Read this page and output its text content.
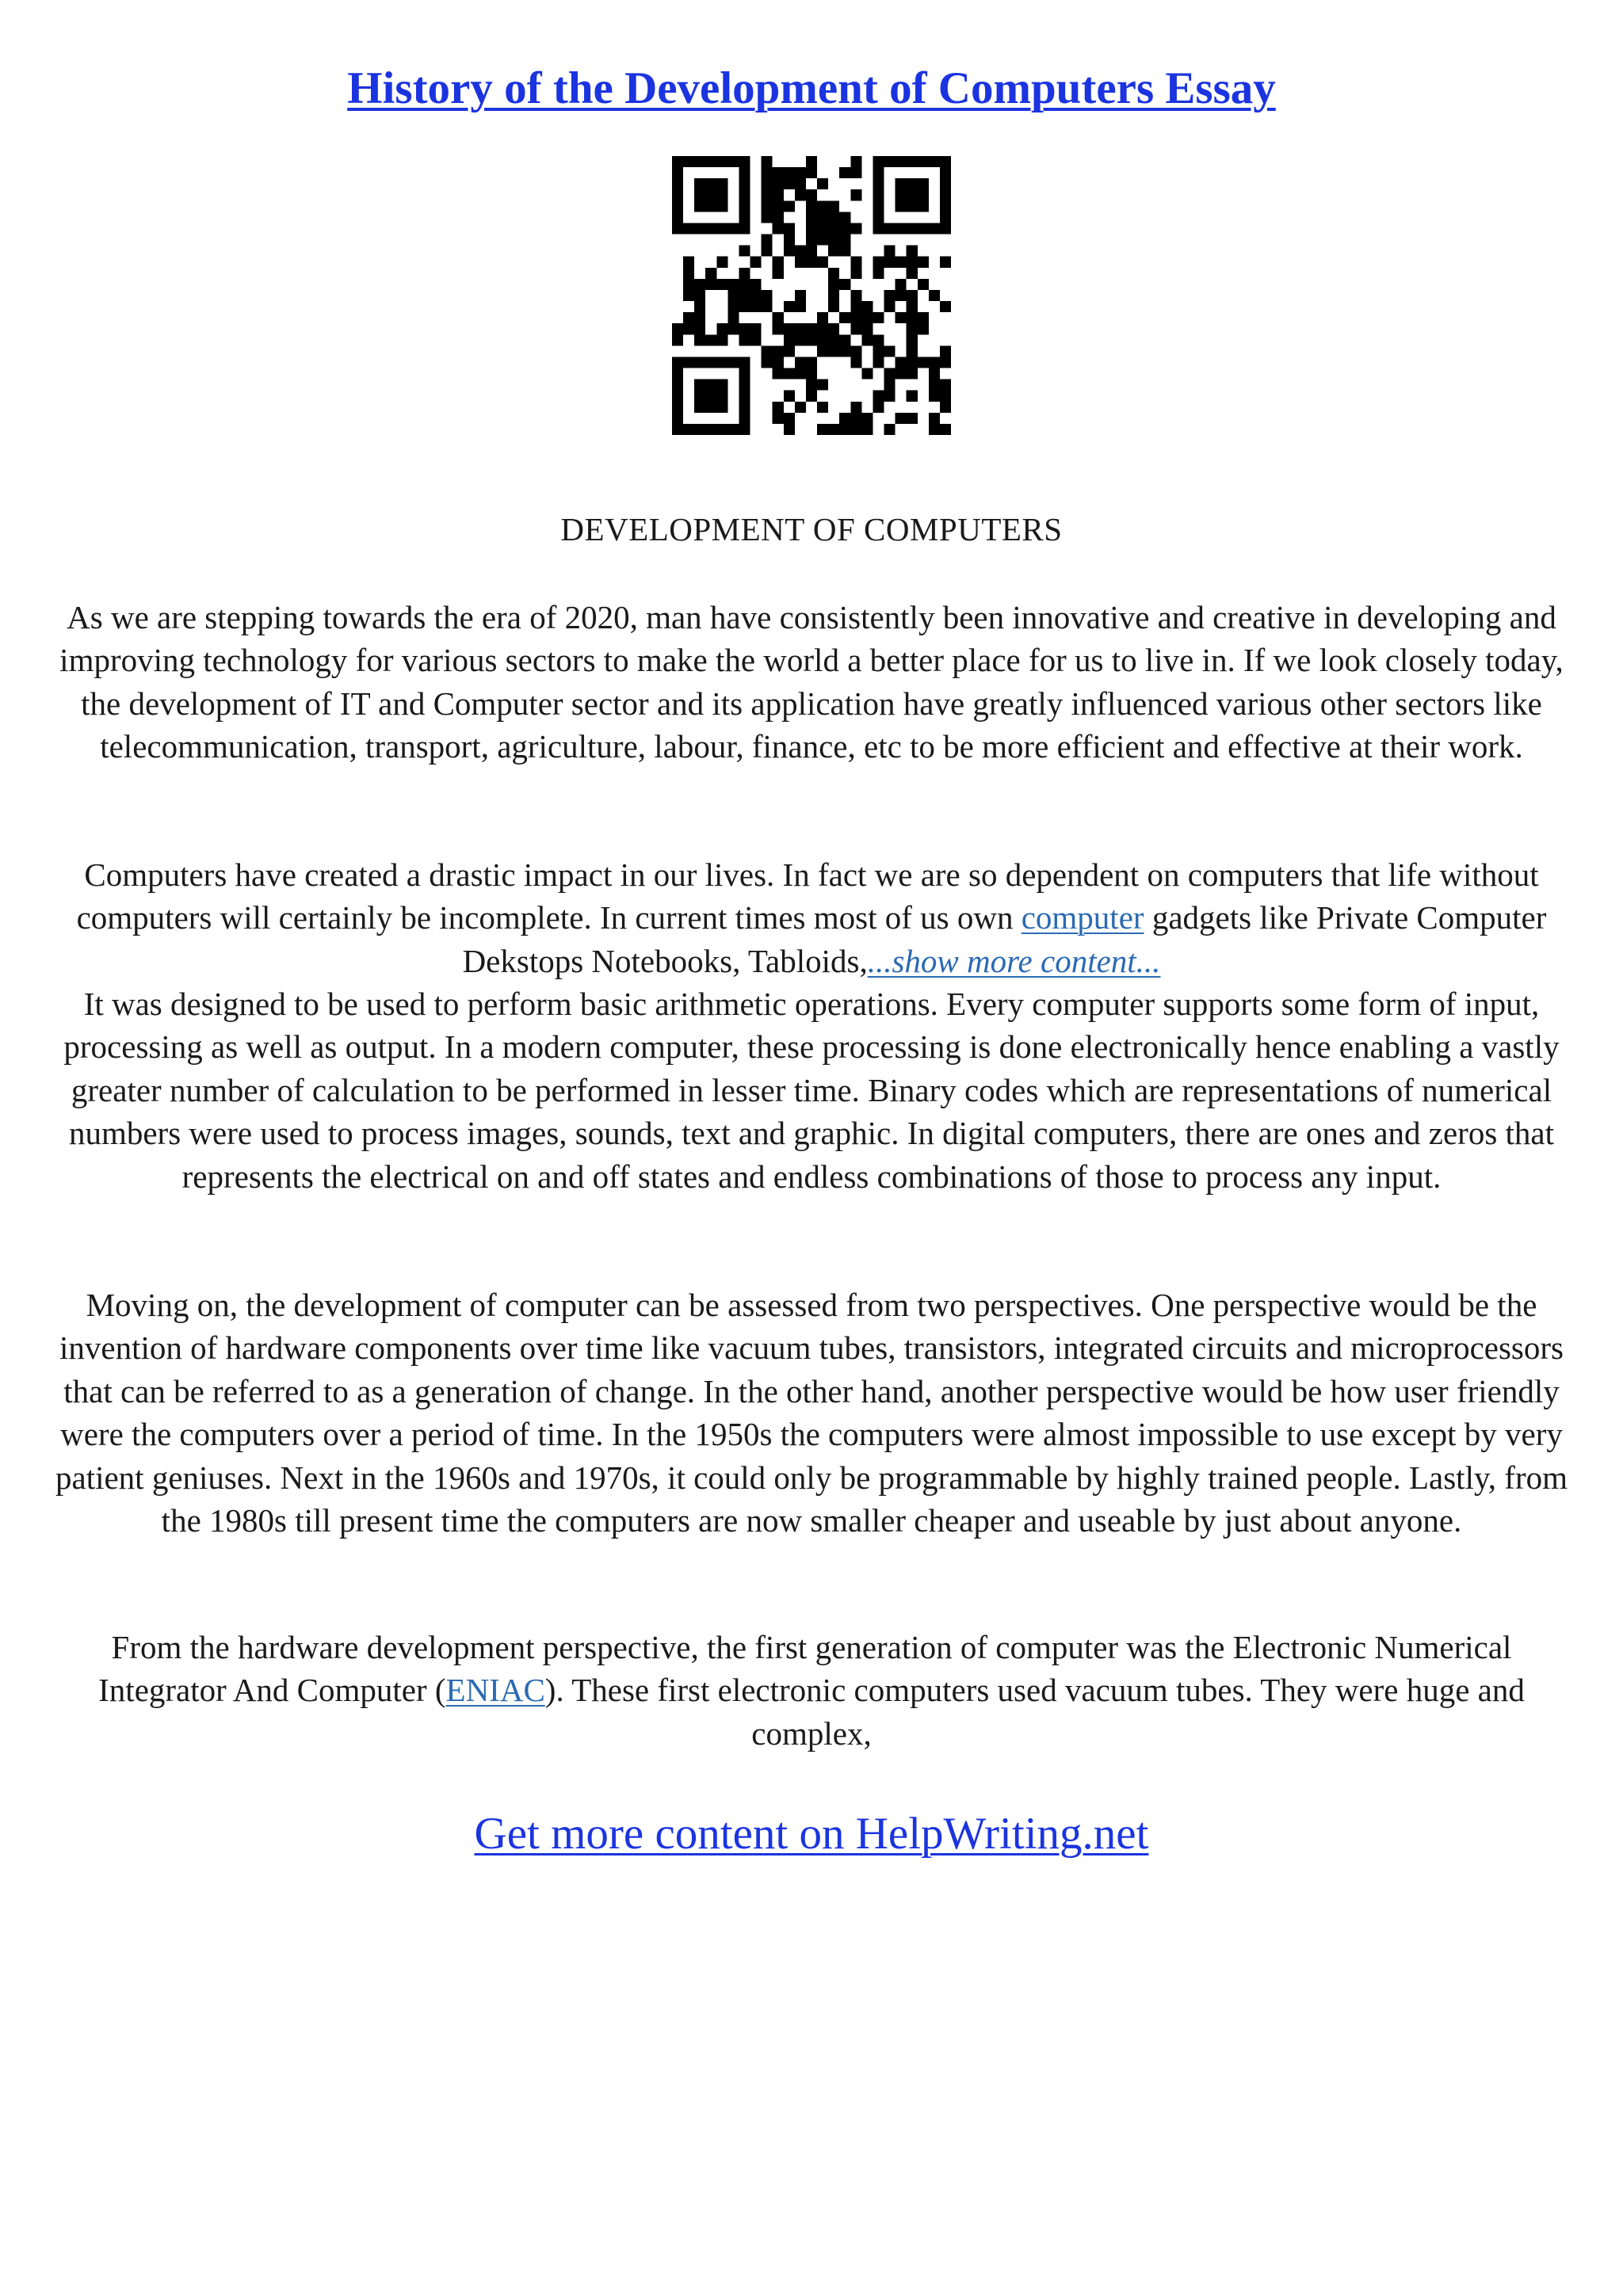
History of the Development of Computers Essay
DEVELOPMENT OF COMPUTERS

As we are stepping towards the era of 2020, man have consistently been innovative and creative in developing and improving technology for various sectors to make the world a better place for us to live in. If we look closely today, the development of IT and Computer sector and its application have greatly influenced various other sectors like telecommunication, transport, agriculture, labour, finance, etc to be more efficient and effective at their work.

Computers have created a drastic impact in our lives. In fact we are so dependent on computers that life without computers will certainly be incomplete. In current times most of us own computer gadgets like Private Computer Dekstops Notebooks, Tabloids,...show more content...

It was designed to be used to perform basic arithmetic operations. Every computer supports some form of input, processing as well as output. In a modern computer, these processing is done electronically hence enabling a vastly greater number of calculation to be performed in lesser time. Binary codes which are representations of numerical numbers were used to process images, sounds, text and graphic. In digital computers, there are ones and zeros that represents the electrical on and off states and endless combinations of those to process any input.

Moving on, the development of computer can be assessed from two perspectives. One perspective would be the invention of hardware components over time like vacuum tubes, transistors, integrated circuits and microprocessors that can be referred to as a generation of change. In the other hand, another perspective would be how user friendly were the computers over a period of time. In the 1950s the computers were almost impossible to use except by very patient geniuses. Next in the 1960s and 1970s, it could only be programmable by highly trained people. Lastly, from the 1980s till present time the computers are now smaller cheaper and useable by just about anyone.

From the hardware development perspective, the first generation of computer was the Electronic Numerical Integrator And Computer (ENIAC). These first electronic computers used vacuum tubes. They were huge and complex,

Get more content on HelpWriting.net
